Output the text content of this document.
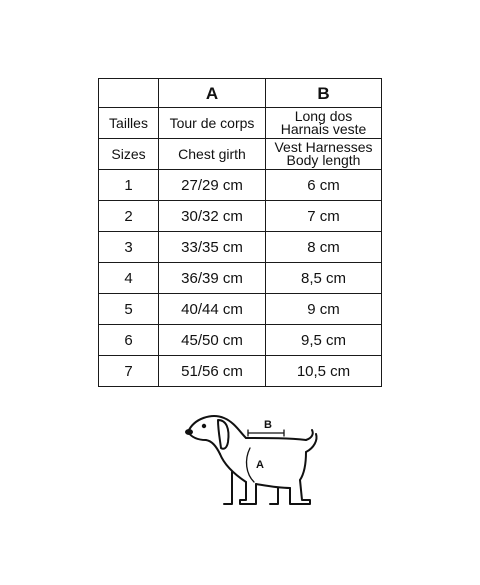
	A	B
Tailles	Tour de corps	Long dos
Harnais veste

Sizes	Chest girth	Vest Harnesses
Body length

1	27/29 cm	6 cm
2	30/32 cm	7 cm
3	33/35 cm	8 cm
4	36/39 cm	8,5 cm
5	40/44 cm	9 cm
6	45/50 cm	9,5 cm
7	51/56 cm	10,5 cm
B
A
